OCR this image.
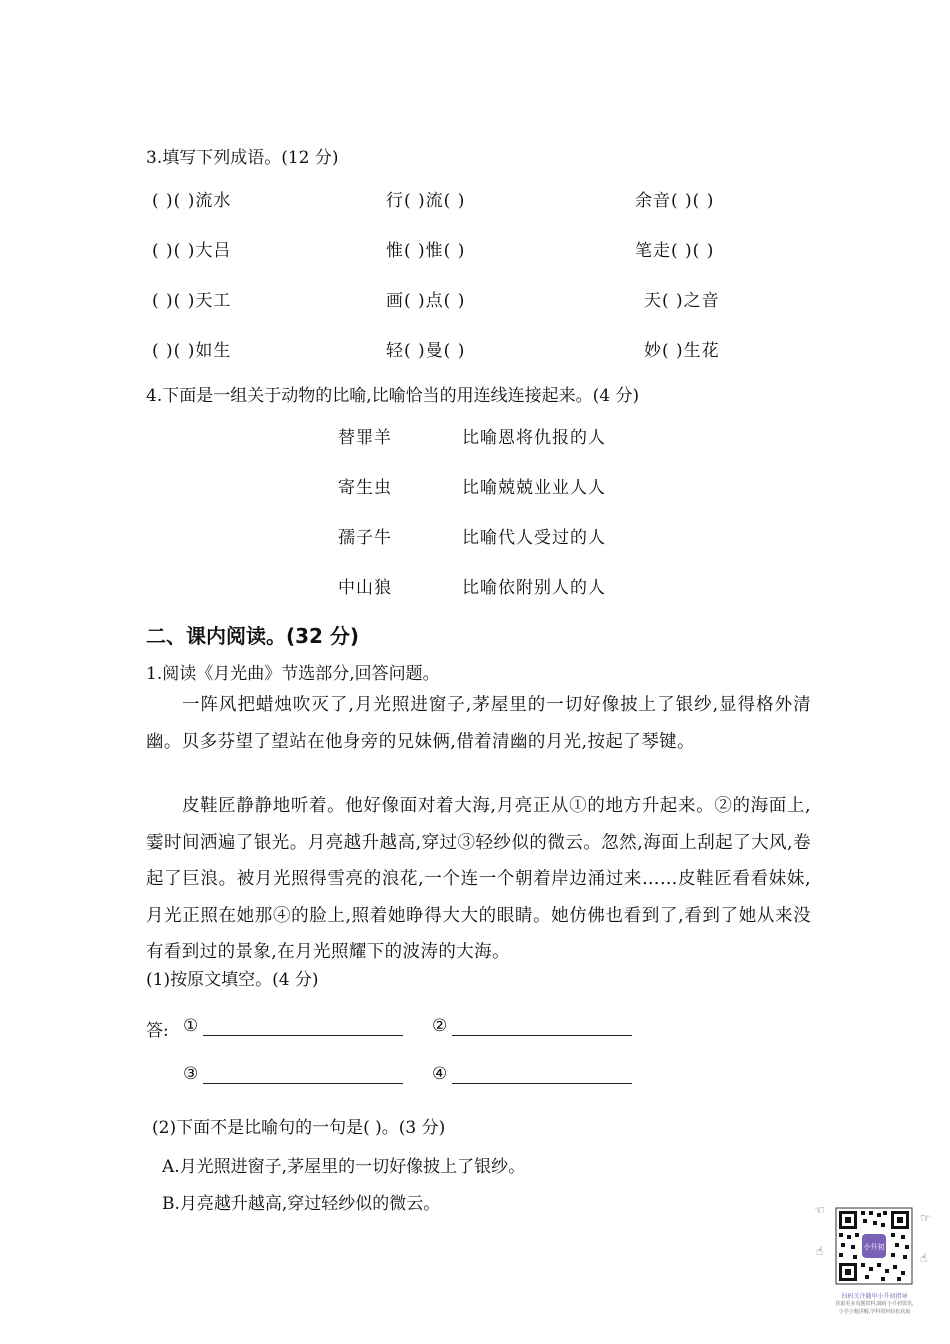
3.填写下列成语。(12 分)
( )( )流水	行( )流( )	余音( )( )
( )( )大吕	惟( )惟( )	笔走( )( )
( )( )天工	画( )点( )	天( )之音
( )( )如生	轻( )曼( )	妙( )生花
4.下面是一组关于动物的比喻,比喻恰当的用连线连接起来。(4 分)
替罪羊	比喻恩将仇报的人
寄生虫	比喻兢兢业业人人
孺子牛	比喻代人受过的人
中山狼	比喻依附别人的人
二、课内阅读。(32 分)
1.阅读《月光曲》节选部分,回答问题。
一阵风把蜡烛吹灭了,月光照进窗子,茅屋里的一切好像披上了银纱,显得格外清幽。贝多芬望了望站在他身旁的兄妹俩,借着清幽的月光,按起了琴键。
皮鞋匠静静地听着。他好像面对着大海,月亮正从①的地方升起来。②的海面上,霎时间洒遍了银光。月亮越升越高,穿过③轻纱似的微云。忽然,海面上刮起了大风,卷起了巨浪。被月光照得雪亮的浪花,一个连一个朝着岸边涌过来……皮鞋匠看看妹妹,月光正照在她那④的脸上,照着她睁得大大的眼睛。她仿佛也看到了,看到了她从来没有看到过的景象,在月光照耀下的波涛的大海。
(1)按原文填空。(4 分)
答: ①	②
③	④
(2)下面不是比喻句的一句是( )。(3 分)
A.月光照进窗子,茅屋里的一切好像披上了银纱。
B.月亮越升越高,穿过轻纱似的微云。	☜
☞
☝	☝
小升初
扫码关注随申小升初指导
获取更多真题资料,随时小升初资讯,
小学小题讲解,学科资料轻松获取
